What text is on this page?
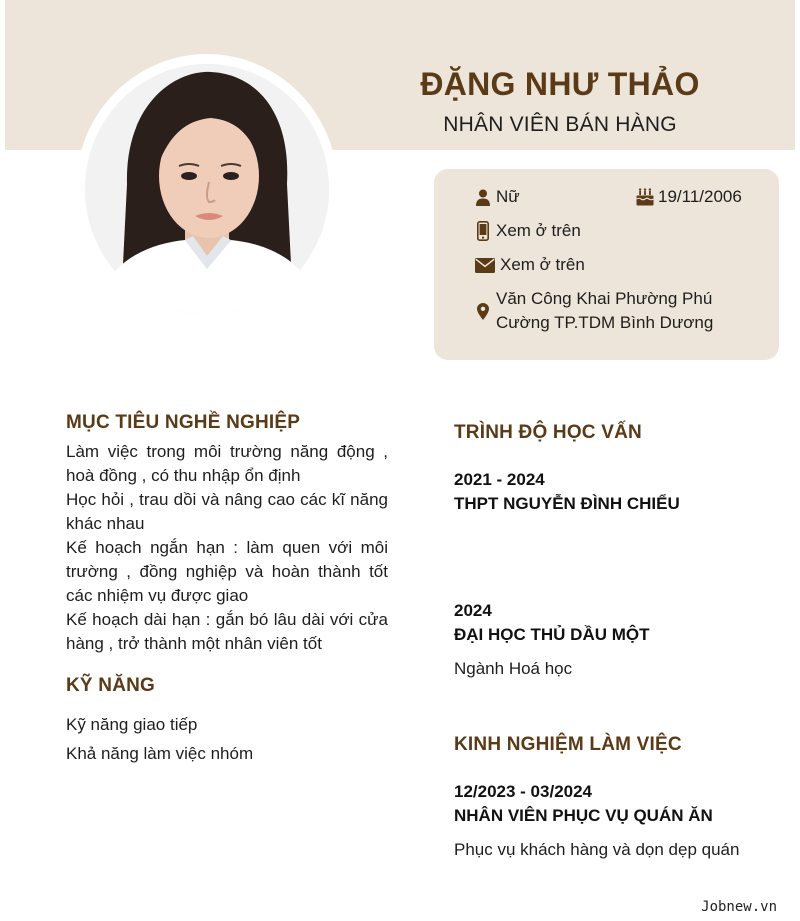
ĐẶNG NHƯ THẢO
NHÂN VIÊN BÁN HÀNG
Nữ	19/11/2006
Xem ở trên
Xem ở trên
Văn Công Khai Phường Phú
Cường TP.TDM Bình Dương
MỤC TIÊU NGHỀ NGHIỆP

Làm việc trong môi trường năng động , hoà đồng , có thu nhập ổn định

Học hỏi , trau dồi và nâng cao các kĩ năng khác nhau

Kế hoạch ngắn hạn : làm quen với môi trường , đồng nghiệp và hoàn thành tốt các nhiệm vụ được giao

Kế hoạch dài hạn : gắn bó lâu dài với cửa hàng , trở thành một nhân viên tốt

KỸ NĂNG
Kỹ năng giao tiếp
Khả năng làm việc nhóm
TRÌNH ĐỘ HỌC VẤN
2021 - 2024
THPT NGUYỄN ĐÌNH CHIỂU
2024
ĐẠI HỌC THỦ DẦU MỘT
Ngành Hoá học
KINH NGHIỆM LÀM VIỆC
12/2023 - 03/2024
NHÂN VIÊN PHỤC VỤ QUÁN ĂN
Phục vụ khách hàng và dọn dẹp quán
Jobnew.vn
